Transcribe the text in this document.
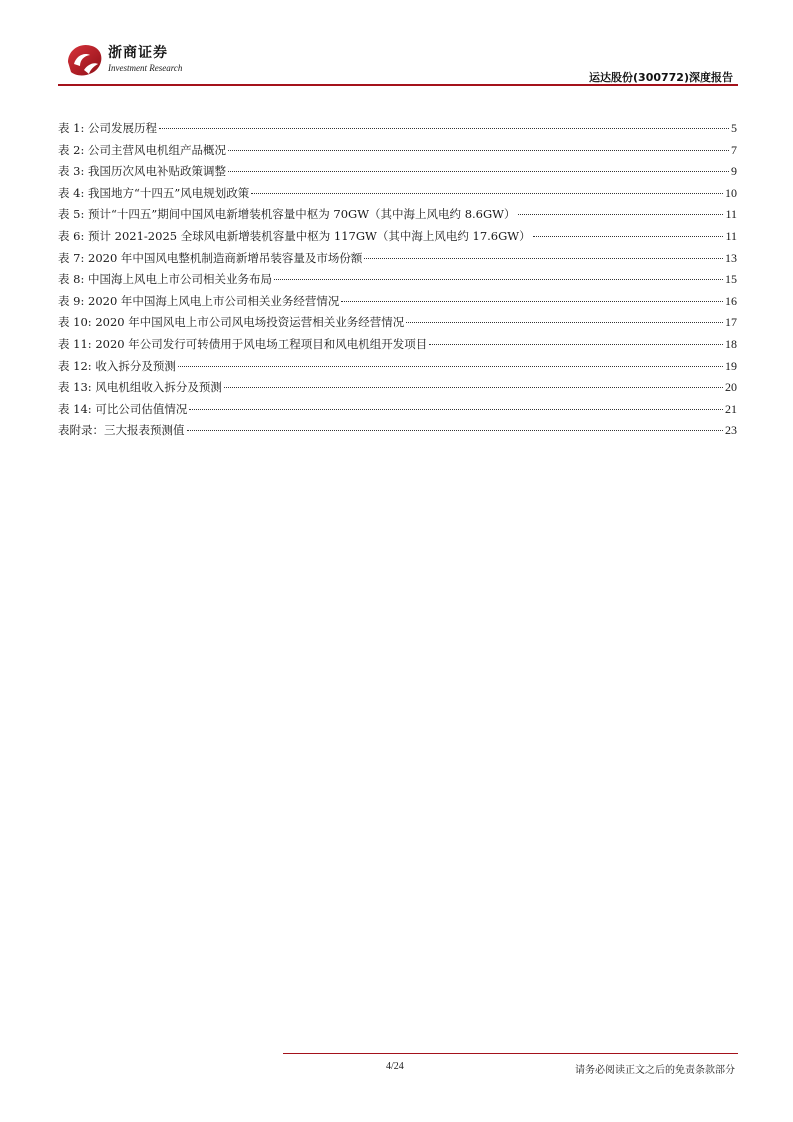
浙商证券
Investment Research
运达股份(300772)深度报告
表 1: 公司发展历程	5
表 2: 公司主营风电机组产品概况	7
表 3: 我国历次风电补贴政策调整	9
表 4: 我国地方“十四五”风电规划政策	10
表 5: 预计“十四五”期间中国风电新增装机容量中枢为 70GW（其中海上风电约 8.6GW）	11
表 6: 预计 2021-2025 全球风电新增装机容量中枢为 117GW（其中海上风电约 17.6GW）	11
表 7: 2020 年中国风电整机制造商新增吊装容量及市场份额	13
表 8: 中国海上风电上市公司相关业务布局	15
表 9: 2020 年中国海上风电上市公司相关业务经营情况	16
表 10: 2020 年中国风电上市公司风电场投资运营相关业务经营情况	17
表 11: 2020 年公司发行可转债用于风电场工程项目和风电机组开发项目	18
表 12: 收入拆分及预测	19
表 13: 风电机组收入拆分及预测	20
表 14: 可比公司估值情况	21
表附录：三大报表预测值	23
4/24	请务必阅读正文之后的免责条款部分
